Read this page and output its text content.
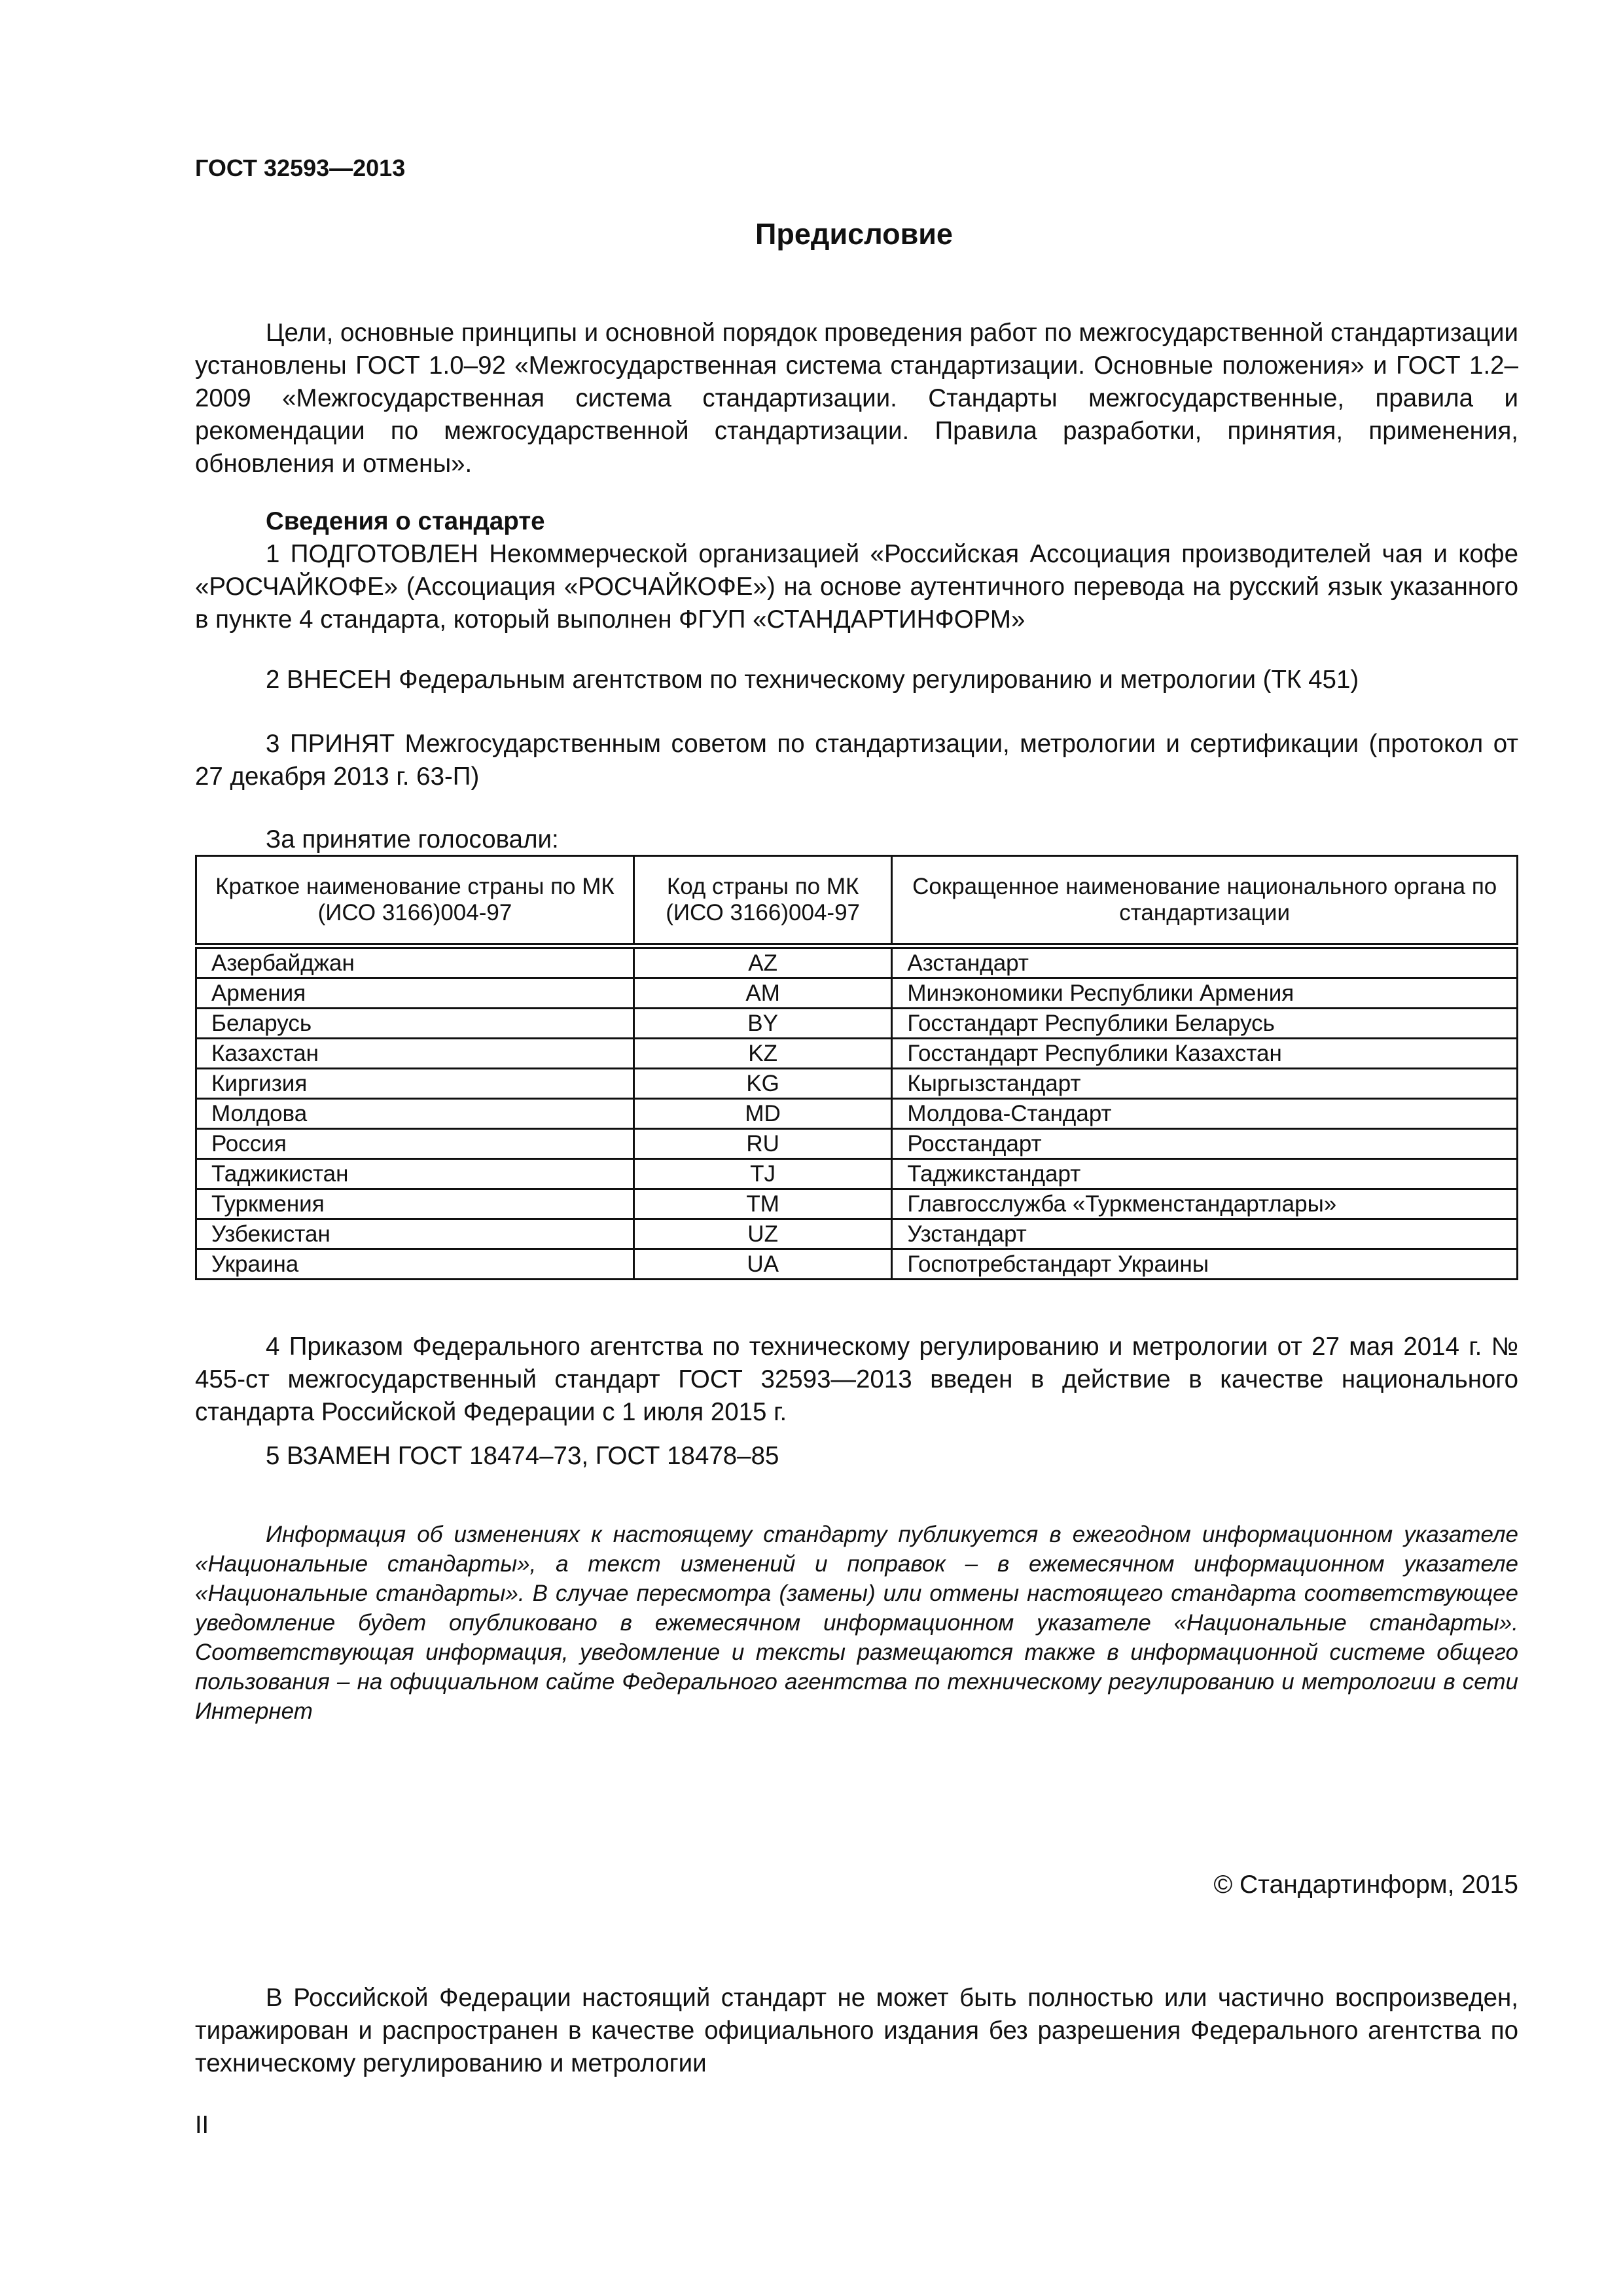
ГОСТ 32593—2013
Предисловие

Цели, основные принципы и основной порядок проведения работ по межгосударственной стандартизации установлены ГОСТ 1.0–92 «Межгосударственная система стандартизации. Основные положения» и ГОСТ 1.2–2009 «Межгосударственная система стандартизации. Стандарты межгосударственные, правила и рекомендации по межгосударственной стандартизации. Правила разработки, принятия, применения, обновления и отмены».

Сведения о стандарте

1 ПОДГОТОВЛЕН Некоммерческой организацией «Российская Ассоциация производителей чая и кофе «РОСЧАЙКОФЕ» (Ассоциация «РОСЧАЙКОФЕ») на основе аутентичного перевода на русский язык указанного в пункте 4 стандарта, который выполнен ФГУП «СТАНДАРТИНФОРМ»

2 ВНЕСЕН Федеральным агентством по техническому регулированию и метрологии (ТК 451)

3 ПРИНЯТ Межгосударственным советом по стандартизации, метрологии и сертификации (протокол от 27 декабря 2013 г. 63-П)

За принятие голосовали:

Краткое наименование страны по МК (ИСО 3166)004-97	Код страны по МК (ИСО 3166)004-97	Сокращенное наименование национального органа по стандартизации
Азербайджан	AZ	Азстандарт
Армения	AM	Минэкономики Республики Армения
Беларусь	BY	Госстандарт Республики Беларусь
Казахстан	KZ	Госстандарт Республики Казахстан
Киргизия	KG	Кыргызстандарт
Молдова	MD	Молдова-Стандарт
Россия	RU	Росстандарт
Таджикистан	TJ	Таджикстандарт
Туркмения	TM	Главгосслужба «Туркменстандартлары»
Узбекистан	UZ	Узстандарт
Украина	UA	Госпотребстандарт Украины

4 Приказом Федерального агентства по техническому регулированию и метрологии от 27 мая 2014 г. № 455-ст межгосударственный стандарт ГОСТ 32593—2013 введен в действие в качестве национального стандарта Российской Федерации с 1 июля 2015 г.

5 ВЗАМЕН ГОСТ 18474–73, ГОСТ 18478–85

Информация об изменениях к настоящему стандарту публикуется в ежегодном информационном указателе «Национальные стандарты», а текст изменений и поправок – в ежемесячном информационном указателе «Национальные стандарты». В случае пересмотра (замены) или отмены настоящего стандарта соответствующее уведомление будет опубликовано в ежемесячном информационном указателе «Национальные стандарты». Соответствующая информация, уведомление и тексты размещаются также в информационной системе общего пользования – на официальном сайте Федерального агентства по техническому регулированию и метрологии в сети Интернет

© Стандартинформ, 2015

В Российской Федерации настоящий стандарт не может быть полностью или частично воспроизведен, тиражирован и распространен в качестве официального издания без разрешения Федерального агентства по техническому регулированию и метрологии

II
